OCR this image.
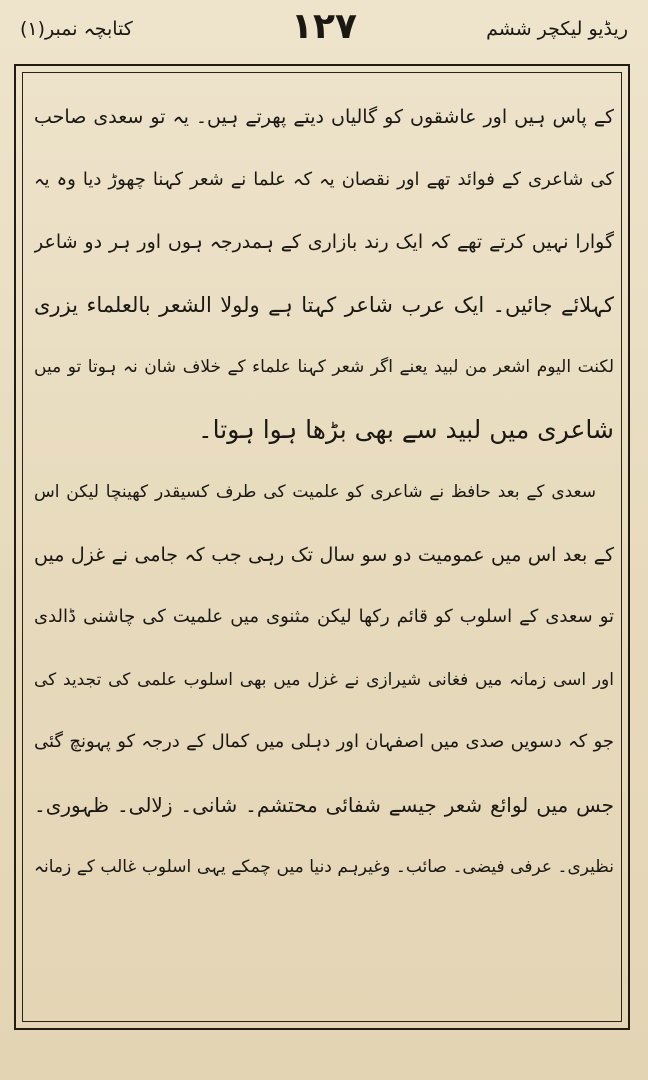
ریڈیو لیکچر ششم
۱۲۷
کتابچہ نمبر(۱)
کے پاس ہیں اور عاشقوں کو گالیاں دیتے پھرتے ہیں۔ یہ تو سعدی صاحب
کی شاعری کے فوائد تھے اور نقصان یہ کہ علما نے شعر کہنا چھوڑ دیا وہ یہ
گوارا نہیں کرتے تھے کہ ایک رند بازاری کے ہمدرجہ ہوں اور ہر دو شاعر
کہلائے جائیں۔ ایک عرب شاعر کہتا ہے ولولا الشعر بالعلماء یزری
لکنت الیوم اشعر من لبید یعنے اگر شعر کہنا علماء کے خلاف شان نہ ہوتا تو میں
شاعری میں لبید سے بھی بڑھا ہوا ہوتا۔
سعدی کے بعد حافظ نے شاعری کو علمیت کی طرف کسیقدر کھینچا لیکن اس
کے بعد اس میں عمومیت دو سو سال تک رہی جب کہ جامی نے غزل میں
تو سعدی کے اسلوب کو قائم رکھا لیکن مثنوی میں علمیت کی چاشنی ڈالدی
اور اسی زمانہ میں فغانی شیرازی نے غزل میں بھی اسلوب علمی کی تجدید کی
جو کہ دسویں صدی میں اصفہان اور دہلی میں کمال کے درجہ کو پہونچ گئی
جس میں لوائع شعر جیسے شفائی محتشم۔ شانی۔ زلالی۔ ظہوری۔
نظیری۔ عرفی فیضی۔ صائب۔ وغیرہم دنیا میں چمکے یہی اسلوب غالب کے زمانہ
